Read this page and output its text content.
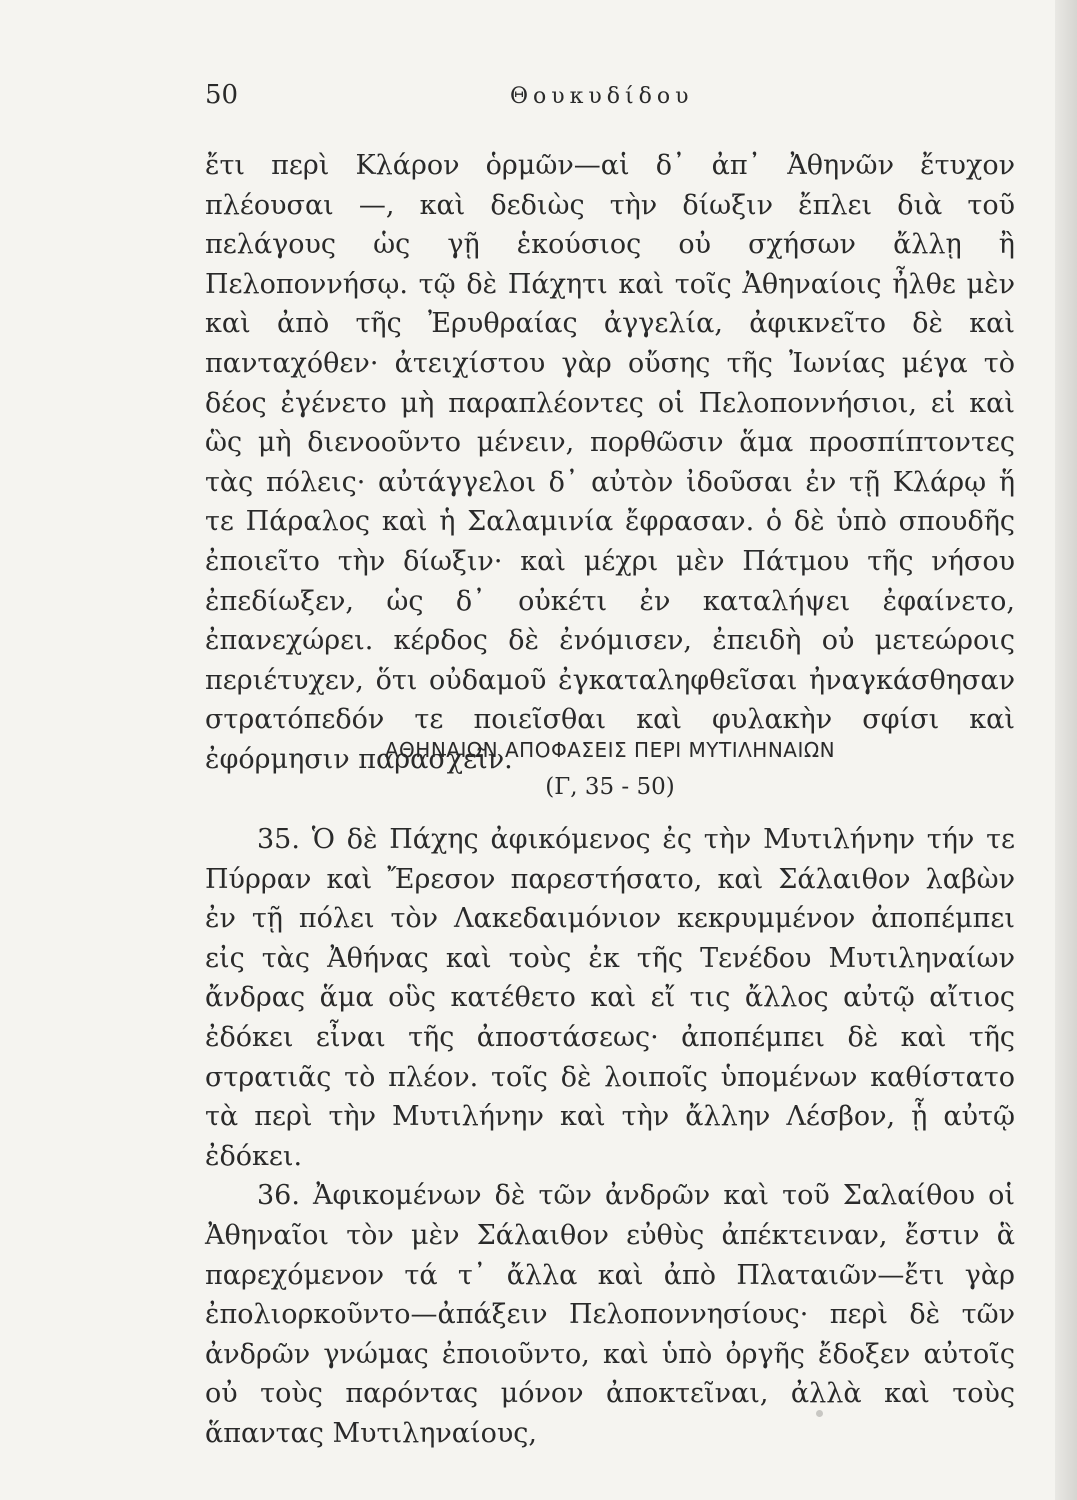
50	Θουκυδίδου

ἔτι περὶ Κλάρον ὁρμῶν—αἱ δ᾽ ἀπ᾽ Ἀθηνῶν ἔτυχον πλέουσαι —, καὶ δεδιὼς τὴν δίωξιν ἔπλει διὰ τοῦ πελάγους ὡς γῇ ἑκούσιος οὐ σχήσων ἄλλῃ ἢ Πελοποννήσῳ. τῷ δὲ Πάχητι καὶ τοῖς Ἀθηναίοις ἦλθε μὲν καὶ ἀπὸ τῆς Ἐρυθραίας ἀγγελία, ἀφικνεῖτο δὲ καὶ πανταχόθεν· ἀτειχίστου γὰρ οὔσης τῆς Ἰωνίας μέγα τὸ δέος ἐγένετο μὴ παραπλέοντες οἱ Πελοποννήσιοι, εἰ καὶ ὣς μὴ διενοοῦντο μένειν, πορθῶσιν ἅμα προσπίπτοντες τὰς πόλεις· αὐτάγγελοι δ᾽ αὐτὸν ἰδοῦσαι ἐν τῇ Κλάρῳ ἥ τε Πάραλος καὶ ἡ Σαλαμινία ἔφρασαν. ὁ δὲ ὑπὸ σπουδῆς ἐποιεῖτο τὴν δίωξιν· καὶ μέχρι μὲν Πάτμου τῆς νήσου ἐπεδίωξεν, ὡς δ᾽ οὐκέτι ἐν καταλήψει ἐφαίνετο, ἐπανεχώρει. κέρδος δὲ ἐνόμισεν, ἐπειδὴ οὐ μετεώροις περιέτυχεν, ὅτι οὐδαμοῦ ἐγκαταληφθεῖσαι ἠναγκάσθησαν στρατόπεδόν τε ποιεῖσθαι καὶ φυλακὴν σφίσι καὶ ἐφόρμησιν παρασχεῖν.

ΑΘΗΝΑΙΩΝ ΑΠΟΦΑΣΕΙΣ ΠΕΡΙ ΜΥΤΙΛΗΝΑΙΩΝ
(Γ, 35 - 50)

35. Ὁ δὲ Πάχης ἀφικόμενος ἐς τὴν Μυτιλήνην τήν τε Πύρραν καὶ Ἔρεσον παρεστήσατο, καὶ Σάλαιθον λαβὼν ἐν τῇ πόλει τὸν Λακεδαιμόνιον κεκρυμμένον ἀποπέμπει εἰς τὰς Ἀθήνας καὶ τοὺς ἐκ τῆς Τενέδου Μυτιληναίων ἄνδρας ἅμα οὓς κατέθετο καὶ εἴ τις ἄλλος αὐτῷ αἴτιος ἐδόκει εἶναι τῆς ἀποστάσεως· ἀποπέμπει δὲ καὶ τῆς στρατιᾶς τὸ πλέον. τοῖς δὲ λοιποῖς ὑπομένων καθίστατο τὰ περὶ τὴν Μυτιλήνην καὶ τὴν ἄλλην Λέσβον, ᾗ αὐτῷ ἐδόκει.

36. Ἀφικομένων δὲ τῶν ἀνδρῶν καὶ τοῦ Σαλαίθου οἱ Ἀθηναῖοι τὸν μὲν Σάλαιθον εὐθὺς ἀπέκτειναν, ἔστιν ἃ παρεχόμενον τά τ᾽ ἄλλα καὶ ἀπὸ Πλαταιῶν—ἔτι γὰρ ἐπολιορκοῦντο—ἀπάξειν Πελοποννησίους· περὶ δὲ τῶν ἀνδρῶν γνώμας ἐποιοῦντο, καὶ ὑπὸ ὀργῆς ἔδοξεν αὐτοῖς οὐ τοὺς παρόντας μόνον ἀποκτεῖναι, ἀλλὰ καὶ τοὺς ἅπαντας Μυτιληναίους,
